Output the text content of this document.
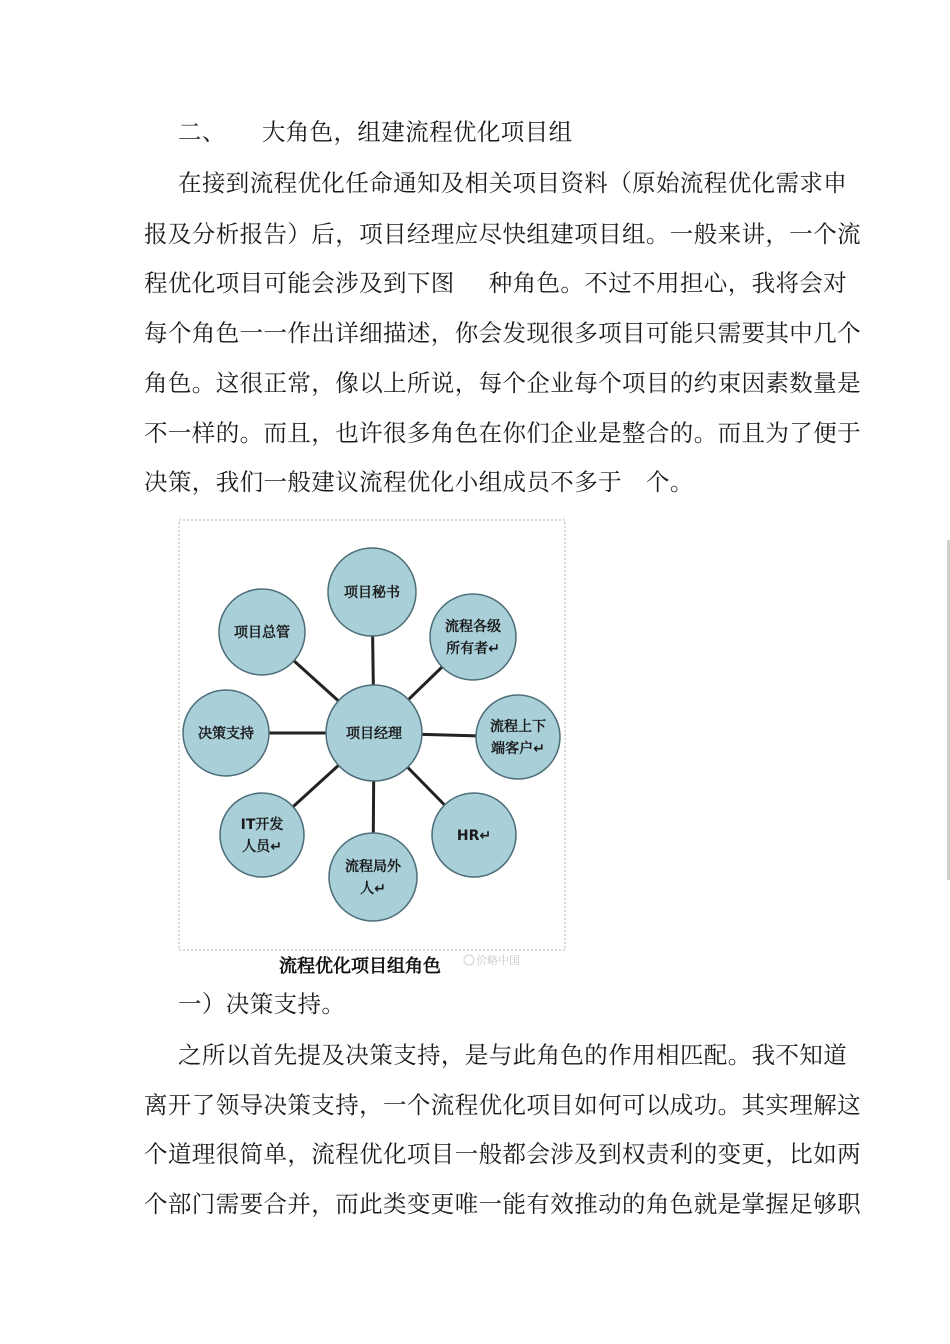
二、 大角色，组建流程优化项目组
在接到流程优化任命通知及相关项目资料（原始流程优化需求申
报及分析报告）后，项目经理应尽快组建项目组。一般来讲，一个流
程优化项目可能会涉及到下图 种角色。不过不用担心，我将会对
每个角色一一作出详细描述，你会发现很多项目可能只需要其中几个
角色。这很正常，像以上所说，每个企业每个项目的约束因素数量是
不一样的。而且，也许很多角色在你们企业是整合的。而且为了便于
决策，我们一般建议流程优化小组成员不多于 个。
项目秘书
流程各级
所有者↵
流程上下
端客户↵
HR↵
流程局外
人↵
IT开发
人员↵
决策支持
项目总管
项目经理
流程优化项目组角色	价略中国
一）决策支持。
之所以首先提及决策支持，是与此角色的作用相匹配。我不知道
离开了领导决策支持，一个流程优化项目如何可以成功。其实理解这
个道理很简单，流程优化项目一般都会涉及到权责利的变更，比如两
个部门需要合并，而此类变更唯一能有效推动的角色就是掌握足够职
